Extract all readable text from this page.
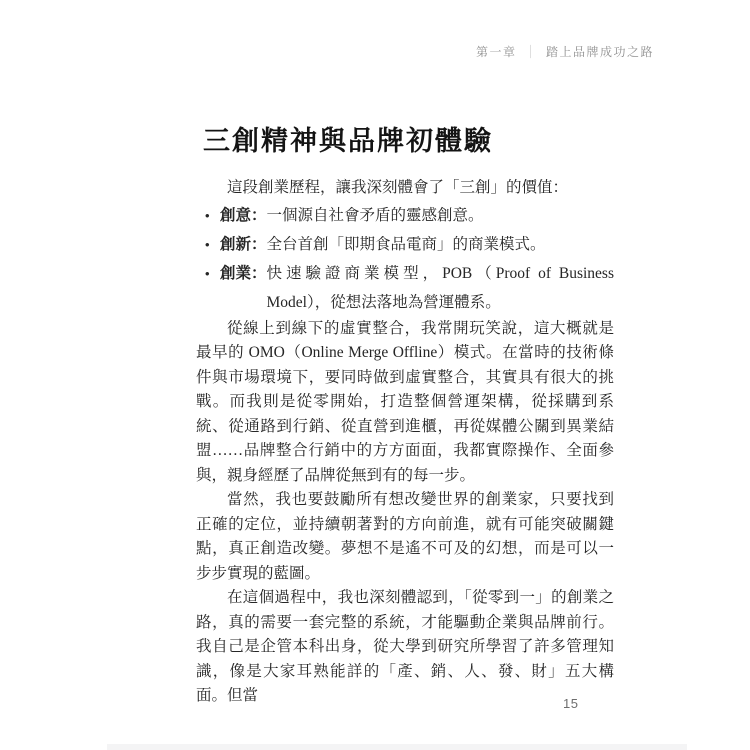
第一章 ｜ 踏上品牌成功之路
三創精神與品牌初體驗

這段創業歷程，讓我深刻體會了「三創」的價值：

• 創意： 一個源自社會矛盾的靈感創意。
• 創新： 全台首創「即期食品電商」的商業模式。
• 創業： 快速驗證商業模型，POB（Proof of Business Model），從想法落地為營運體系。

從線上到線下的虛實整合，我常開玩笑說，這大概就是最早的 OMO（Online Merge Offline）模式。在當時的技術條件與市場環境下，要同時做到虛實整合，其實具有很大的挑戰。而我則是從零開始，打造整個營運架構，從採購到系統、從通路到行銷、從直營到進櫃，再從媒體公關到異業結盟……品牌整合行銷中的方方面面，我都實際操作、全面參與，親身經歷了品牌從無到有的每一步。

當然，我也要鼓勵所有想改變世界的創業家，只要找到正確的定位，並持續朝著對的方向前進，就有可能突破關鍵點，真正創造改變。夢想不是遙不可及的幻想，而是可以一步步實現的藍圖。

在這個過程中，我也深刻體認到，「從零到一」的創業之路，真的需要一套完整的系統，才能驅動企業與品牌前行。我自己是企管本科出身，從大學到研究所學習了許多管理知識，像是大家耳熟能詳的「產、銷、人、發、財」五大構面。但當	15
